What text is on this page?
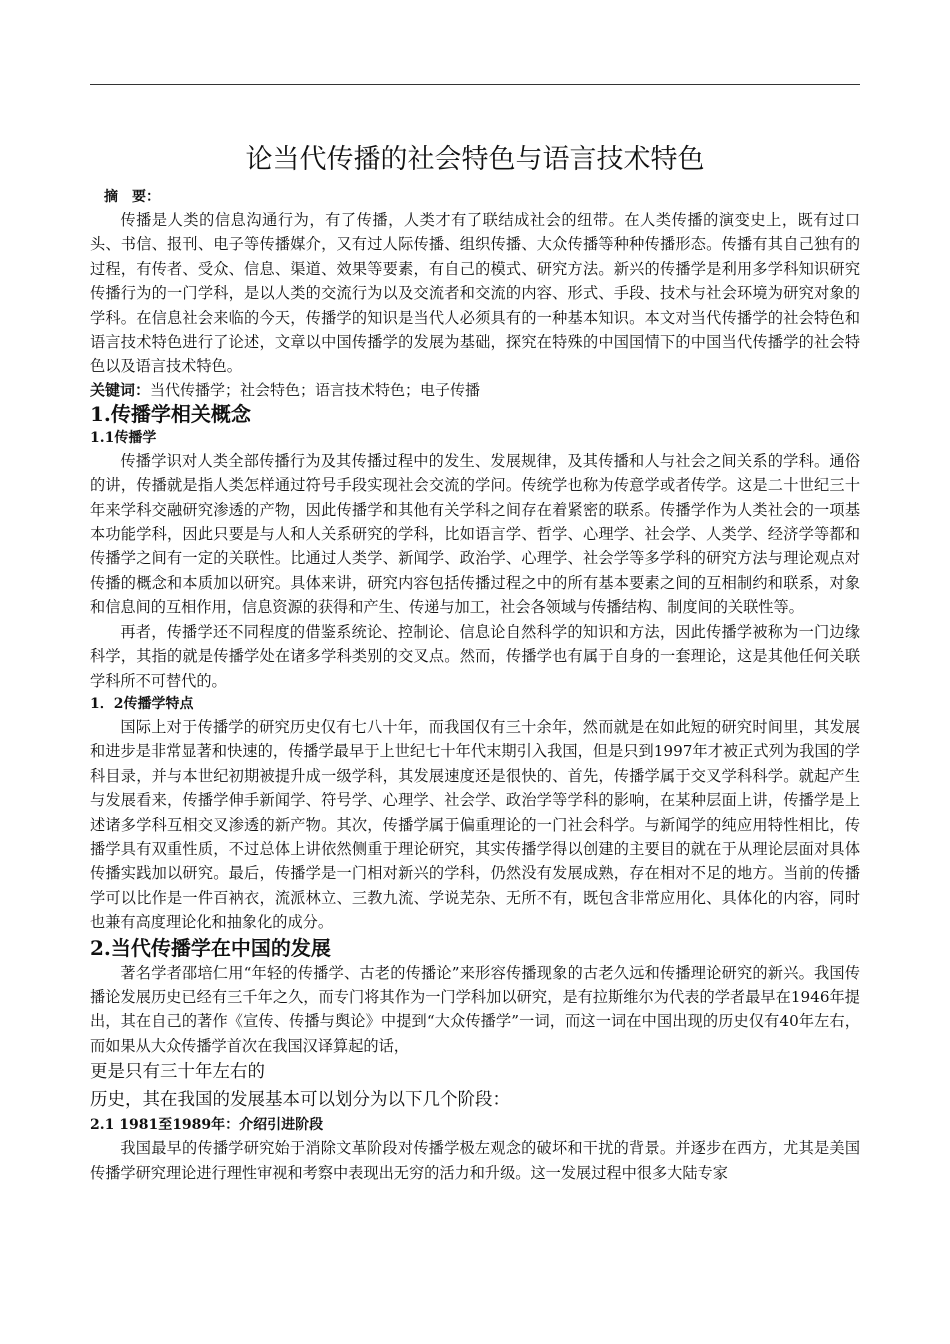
论当代传播的社会特色与语言技术特色
摘　要：

传播是人类的信息沟通行为，有了传播，人类才有了联结成社会的纽带。在人类传播的演变史上，既有过口头、书信、报刊、电子等传播媒介，又有过人际传播、组织传播、大众传播等种种传播形态。传播有其自己独有的过程，有传者、受众、信息、渠道、效果等要素，有自己的模式、研究方法。新兴的传播学是利用多学科知识研究传播行为的一门学科，是以人类的交流行为以及交流者和交流的内容、形式、手段、技术与社会环境为研究对象的学科。在信息社会来临的今天，传播学的知识是当代人必须具有的一种基本知识。本文对当代传播学的社会特色和语言技术特色进行了论述，文章以中国传播学的发展为基础，探究在特殊的中国国情下的中国当代传播学的社会特色以及语言技术特色。

关键词：当代传播学；社会特色；语言技术特色；电子传播
1.传播学相关概念
1.1传播学

传播学识对人类全部传播行为及其传播过程中的发生、发展规律，及其传播和人与社会之间关系的学科。通俗的讲，传播就是指人类怎样通过符号手段实现社会交流的学问。传统学也称为传意学或者传学。这是二十世纪三十年来学科交融研究渗透的产物，因此传播学和其他有关学科之间存在着紧密的联系。传播学作为人类社会的一项基本功能学科，因此只要是与人和人关系研究的学科，比如语言学、哲学、心理学、社会学、人类学、经济学等都和传播学之间有一定的关联性。比通过人类学、新闻学、政治学、心理学、社会学等多学科的研究方法与理论观点对传播的概念和本质加以研究。具体来讲，研究内容包括传播过程之中的所有基本要素之间的互相制约和联系，对象和信息间的互相作用，信息资源的获得和产生、传递与加工，社会各领域与传播结构、制度间的关联性等。

再者，传播学还不同程度的借鉴系统论、控制论、信息论自然科学的知识和方法，因此传播学被称为一门边缘科学，其指的就是传播学处在诸多学科类别的交叉点。然而，传播学也有属于自身的一套理论，这是其他任何关联学科所不可替代的。

1．2传播学特点

国际上对于传播学的研究历史仅有七八十年，而我国仅有三十余年，然而就是在如此短的研究时间里，其发展和进步是非常显著和快速的，传播学最早于上世纪七十年代末期引入我国，但是只到1997年才被正式列为我国的学科目录，并与本世纪初期被提升成一级学科，其发展速度还是很快的、首先，传播学属于交叉学科科学。就起产生与发展看来，传播学伸手新闻学、符号学、心理学、社会学、政治学等学科的影响，在某种层面上讲，传播学是上述诸多学科互相交叉渗透的新产物。其次，传播学属于偏重理论的一门社会科学。与新闻学的纯应用特性相比，传播学具有双重性质，不过总体上讲依然侧重于理论研究，其实传播学得以创建的主要目的就在于从理论层面对具体传播实践加以研究。最后，传播学是一门相对新兴的学科，仍然没有发展成熟，存在相对不足的地方。当前的传播学可以比作是一件百衲衣，流派林立、三教九流、学说芜杂、无所不有，既包含非常应用化、具体化的内容，同时也兼有高度理论化和抽象化的成分。

2.当代传播学在中国的发展

著名学者邵培仁用“年轻的传播学、古老的传播论”来形容传播现象的古老久远和传播理论研究的新兴。我国传播论发展历史已经有三千年之久，而专门将其作为一门学科加以研究，是有拉斯维尔为代表的学者最早在1946年提出，其在自己的著作《宣传、传播与舆论》中提到“大众传播学”一词，而这一词在中国出现的历史仅有40年左右，而如果从大众传播学首次在我国汉译算起的话，

更是只有三十年左右的
历史，其在我国的发展基本可以划分为以下几个阶段：

2.1 1981至1989年：介绍引进阶段

我国最早的传播学研究始于消除文革阶段对传播学极左观念的破坏和干扰的背景。并逐步在西方，尤其是美国传播学研究理论进行理性审视和考察中表现出无穷的活力和升级。这一发展过程中很多大陆专家
